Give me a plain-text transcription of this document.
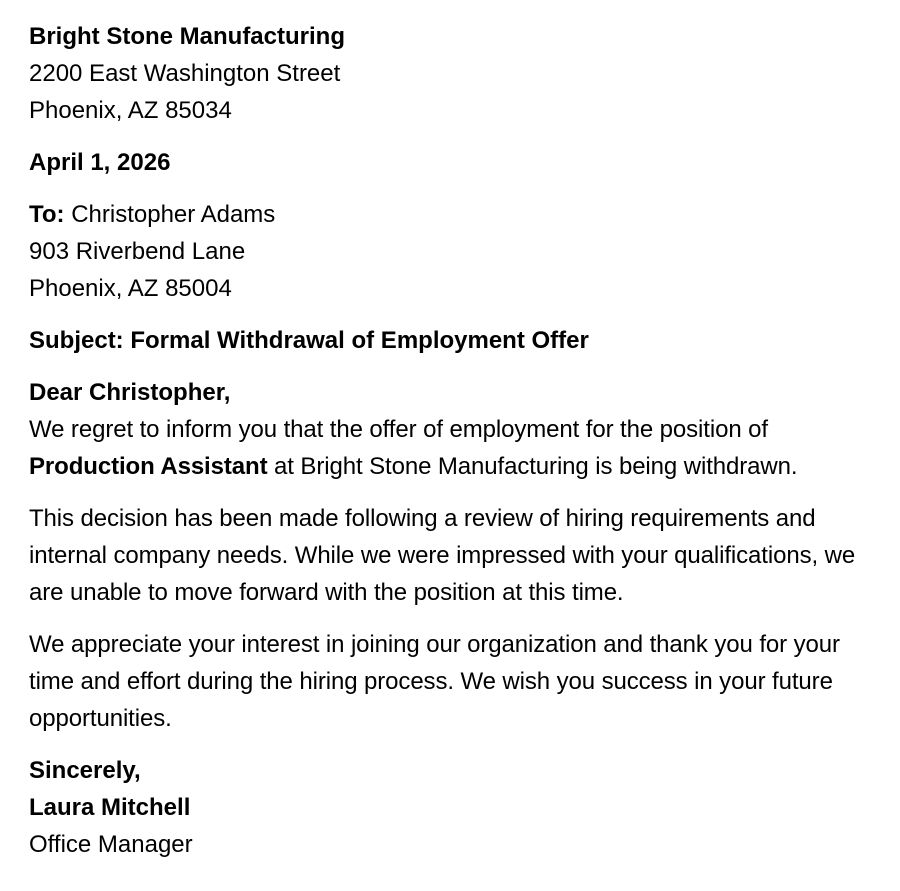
Bright Stone Manufacturing
2200 East Washington Street
Phoenix, AZ 85034
April 1, 2026
To: Christopher Adams
903 Riverbend Lane
Phoenix, AZ 85004
Subject: Formal Withdrawal of Employment Offer
Dear Christopher,

We regret to inform you that the offer of employment for the position of Production Assistant at Bright Stone Manufacturing is being withdrawn.

This decision has been made following a review of hiring requirements and internal company needs. While we were impressed with your qualifications, we are unable to move forward with the position at this time.

We appreciate your interest in joining our organization and thank you for your time and effort during the hiring process. We wish you success in your future opportunities.

Sincerely,
Laura Mitchell
Office Manager
